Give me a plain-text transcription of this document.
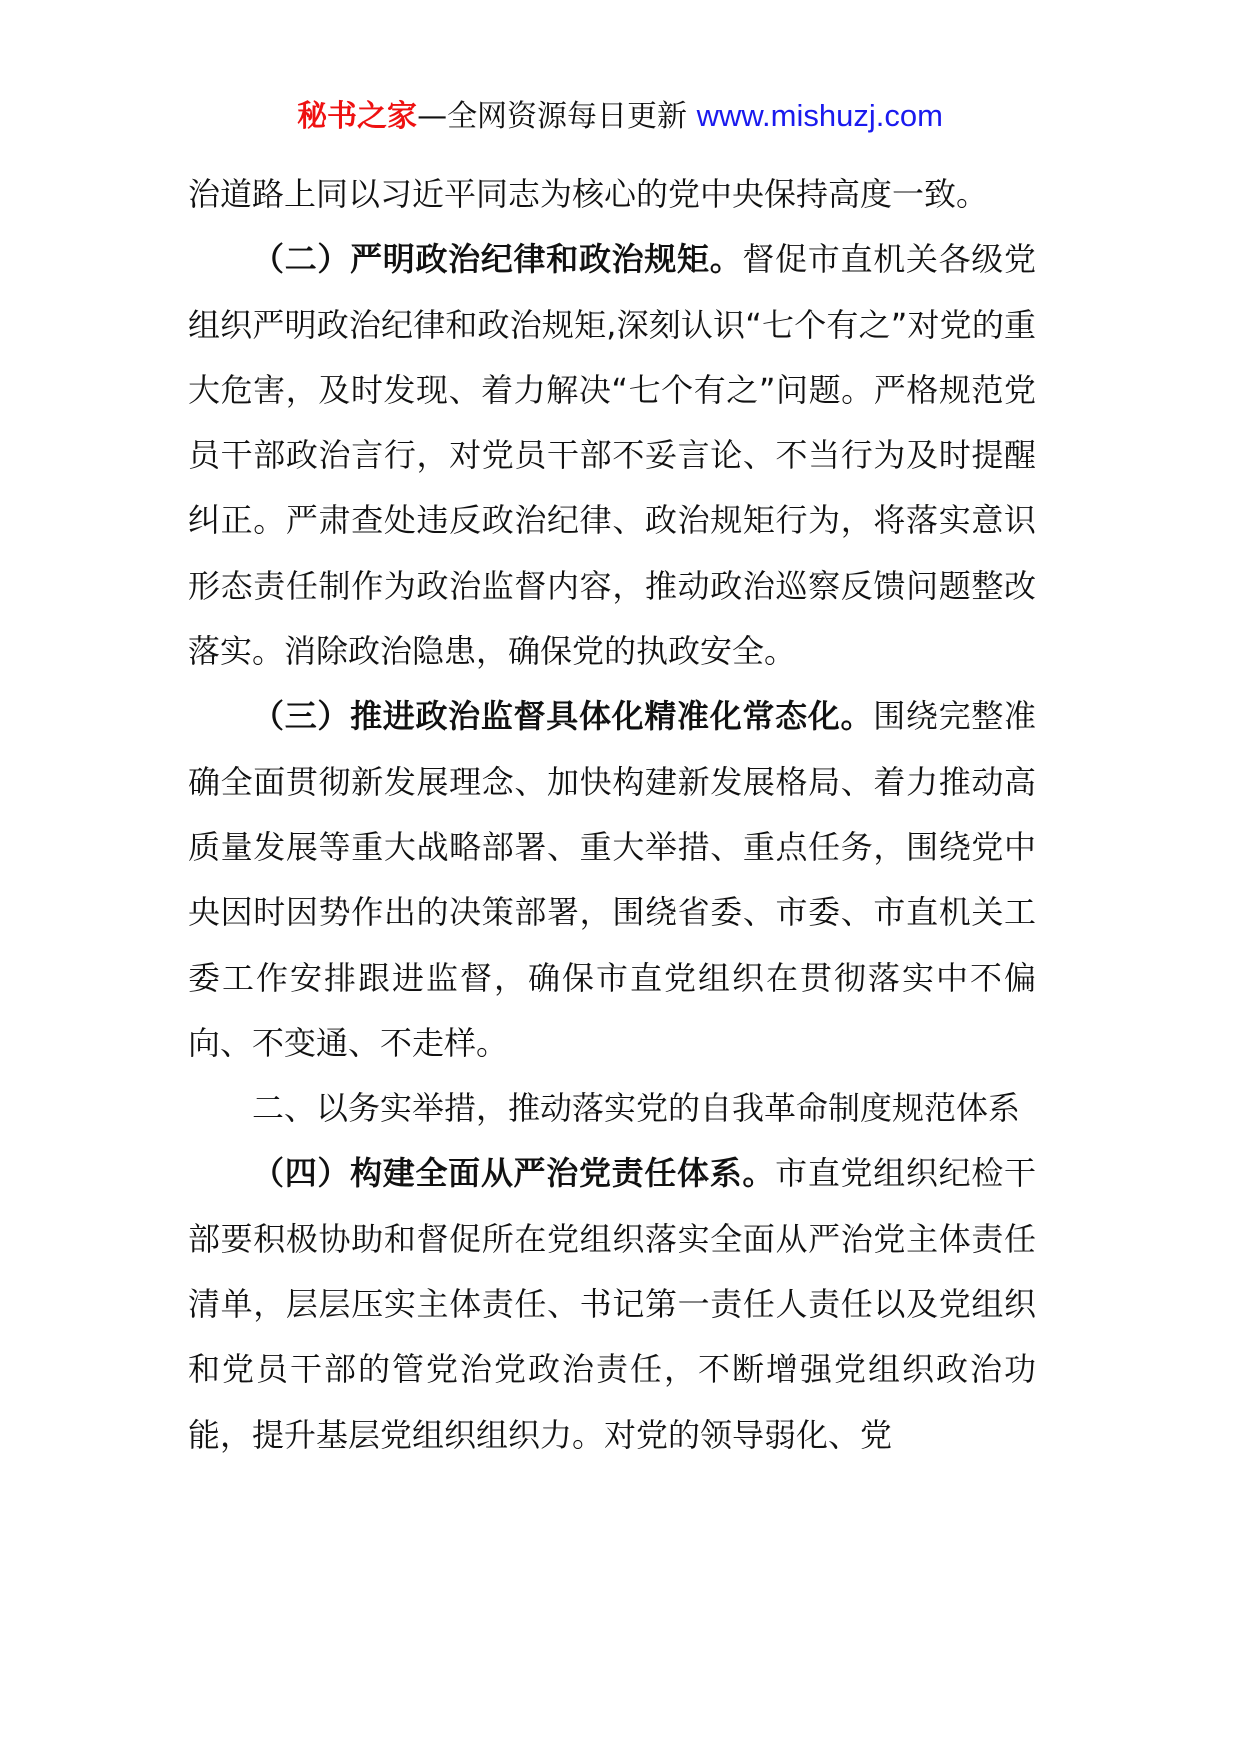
秘书之家—全网资源每日更新 www.mishuzj.com

治道路上同以习近平同志为核心的党中央保持高度一致。

（二）严明政治纪律和政治规矩。督促市直机关各级党组织严明政治纪律和政治规矩,深刻认识“七个有之”对党的重大危害，及时发现、着力解决“七个有之”问题。严格规范党员干部政治言行，对党员干部不妥言论、不当行为及时提醒纠正。严肃查处违反政治纪律、政治规矩行为，将落实意识形态责任制作为政治监督内容，推动政治巡察反馈问题整改落实。消除政治隐患，确保党的执政安全。

（三）推进政治监督具体化精准化常态化。围绕完整准确全面贯彻新发展理念、加快构建新发展格局、着力推动高质量发展等重大战略部署、重大举措、重点任务，围绕党中央因时因势作出的决策部署，围绕省委、市委、市直机关工委工作安排跟进监督，确保市直党组织在贯彻落实中不偏向、不变通、不走样。

二、以务实举措，推动落实党的自我革命制度规范体系

（四）构建全面从严治党责任体系。市直党组织纪检干部要积极协助和督促所在党组织落实全面从严治党主体责任清单，层层压实主体责任、书记第一责任人责任以及党组织和党员干部的管党治党政治责任，不断增强党组织政治功能，提升基层党组织组织力。对党的领导弱化、党
